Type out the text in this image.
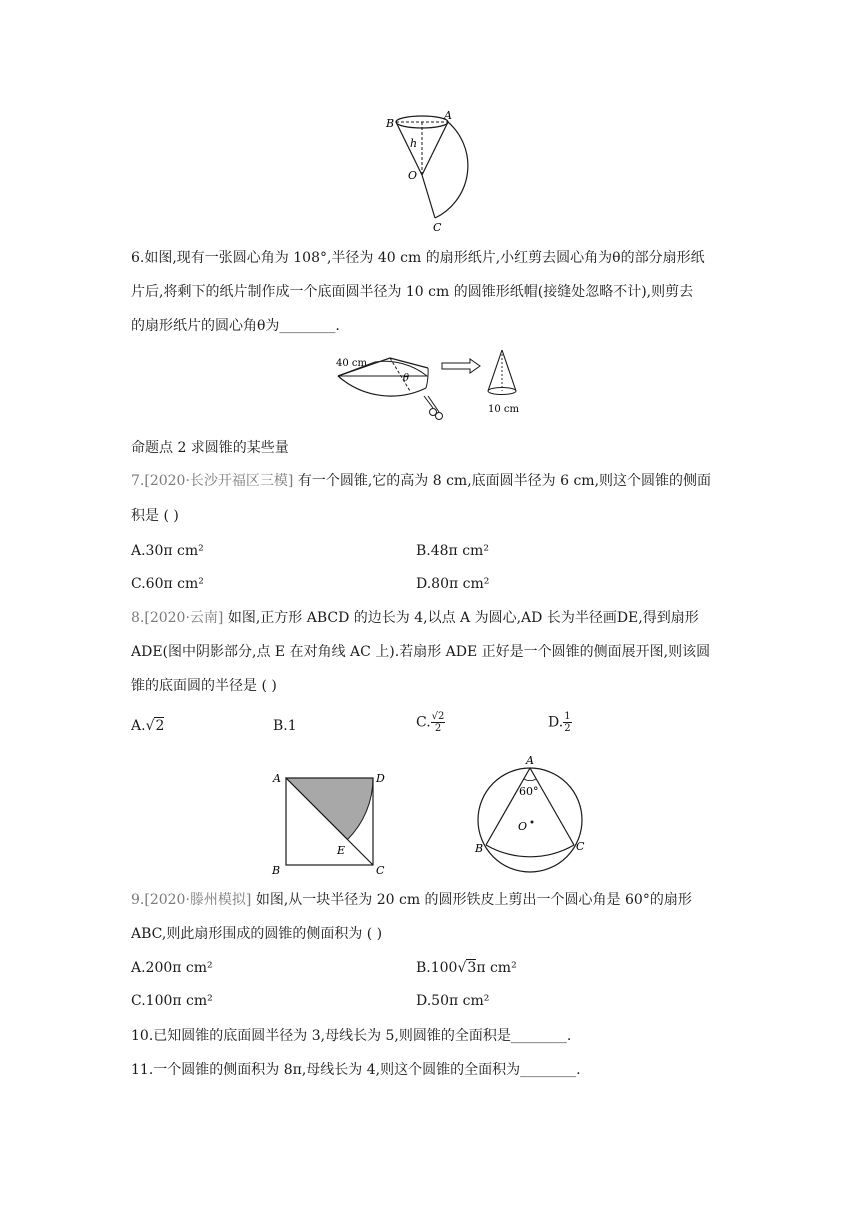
B
A
h
O
C
6.如图,现有一张圆心角为 108°,半径为 40 cm 的扇形纸片,小红剪去圆心角为θ的部分扇形纸
片后,将剩下的纸片制作成一个底面圆半径为 10 cm 的圆锥形纸帽(接缝处忽略不计),则剪去
的扇形纸片的圆心角θ为________.
40 cm
θ
10 cm
命题点 2 求圆锥的某些量
7.[2020·长沙开福区三模] 有一个圆锥,它的高为 8 cm,底面圆半径为 6 cm,则这个圆锥的侧面
积是 ( )
A.30π cm²	B.48π cm²
C.60π cm²	D.80π cm²
8.[2020·云南] 如图,正方形 ABCD 的边长为 4,以点 A 为圆心,AD 长为半径画DE,得到扇形
ADE(图中阴影部分,点 E 在对角线 AC 上).若扇形 ADE 正好是一个圆锥的侧面展开图,则该圆
锥的底面圆的半径是 ( )
A.√2	B.1	C. $\frac{√2}{2}$	D. $\frac{1}{2}$
A	D
B
E
C
A
60°
O
B	C
9.[2020·滕州模拟] 如图,从一块半径为 20 cm 的圆形铁皮上剪出一个圆心角是 60°的扇形
ABC,则此扇形围成的圆锥的侧面积为 ( )
A.200π cm²	B.100√3π cm²
C.100π cm²	D.50π cm²
10.已知圆锥的底面圆半径为 3,母线长为 5,则圆锥的全面积是________.
11.一个圆锥的侧面积为 8π,母线长为 4,则这个圆锥的全面积为________.
